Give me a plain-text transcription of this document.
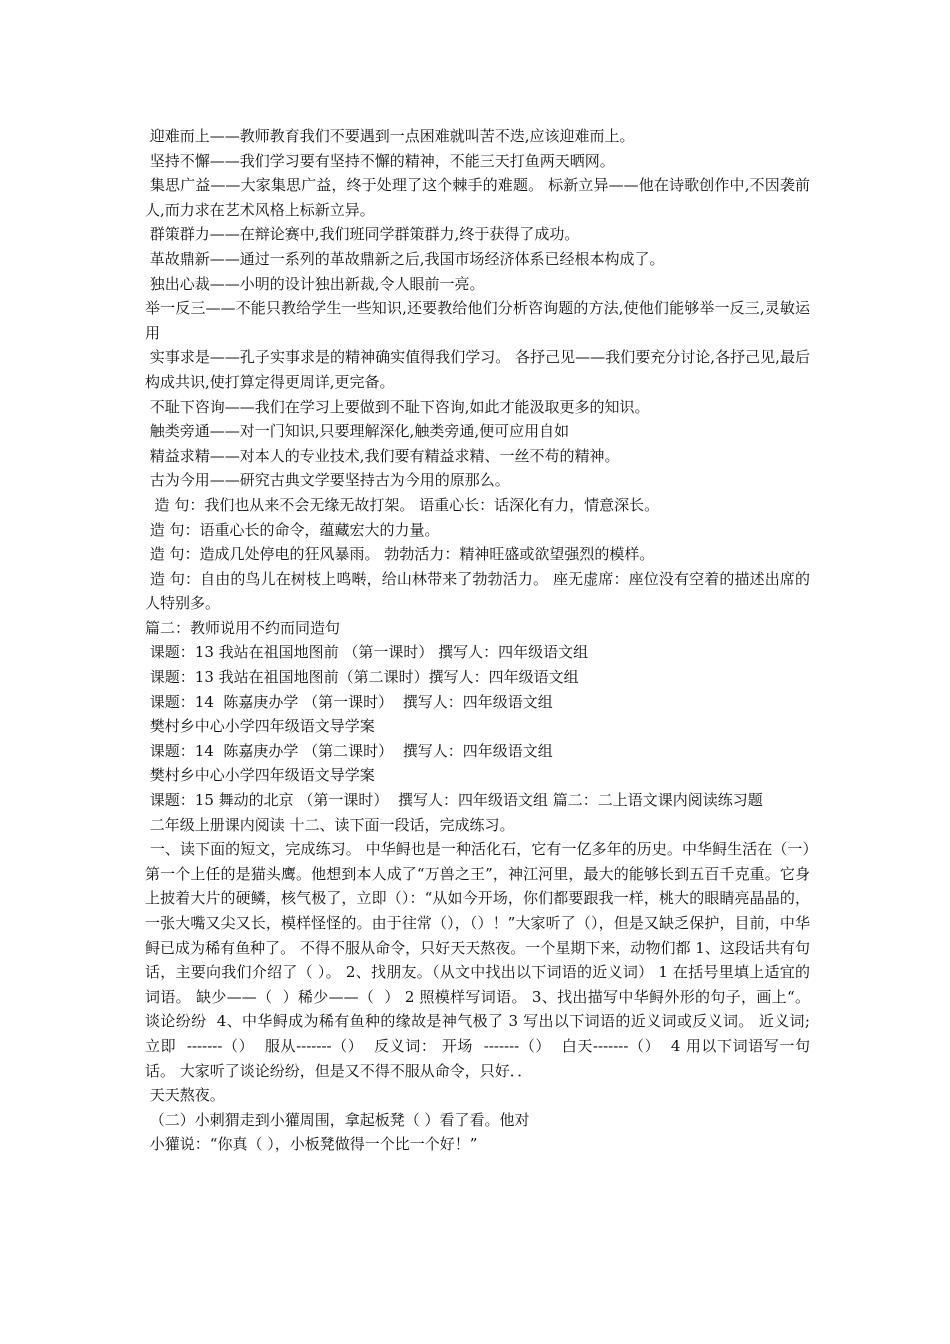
迎难而上——教师教育我们不要遇到一点困难就叫苦不迭,应该迎难而上。

坚持不懈——我们学习要有坚持不懈的精神，不能三天打鱼两天晒网。

集思广益——大家集思广益，终于处理了这个棘手的难题。 标新立异——他在诗歌创作中,不因袭前人,而力求在艺术风格上标新立异。

群策群力——在辩论赛中,我们班同学群策群力,终于获得了成功。

革故鼎新——通过一系列的革故鼎新之后,我国市场经济体系已经根本构成了。

独出心裁——小明的设计独出新裁,令人眼前一亮。

举一反三——不能只教给学生一些知识,还要教给他们分析咨询题的方法,使他们能够举一反三,灵敏运用

实事求是——孔子实事求是的精神确实值得我们学习。 各抒己见——我们要充分讨论,各抒己见,最后构成共识,使打算定得更周详,更完备。

不耻下咨询——我们在学习上要做到不耻下咨询,如此才能汲取更多的知识。

触类旁通——对一门知识,只要理解深化,触类旁通,便可应用自如

精益求精——对本人的专业技术,我们要有精益求精、一丝不苟的精神。

古为今用——研究古典文学要坚持古为今用的原那么。

造 句：我们也从来不会无缘无故打架。 语重心长：话深化有力，情意深长。

造 句：语重心长的命令，蕴藏宏大的力量。

造 句：造成几处停电的狂风暴雨。 勃勃活力：精神旺盛或欲望强烈的模样。

造 句：自由的鸟儿在树枝上鸣啭，给山林带来了勃勃活力。 座无虚席：座位没有空着的描述出席的人特别多。

篇二：教师说用不约而同造句

课题：13 我站在祖国地图前 （第一课时） 撰写人：四年级语文组

课题：13 我站在祖国地图前（第二课时）撰写人：四年级语文组

课题：14  陈嘉庚办学 （第一课时）  撰写人：四年级语文组

樊村乡中心小学四年级语文导学案

课题：14  陈嘉庚办学 （第二课时）  撰写人：四年级语文组

樊村乡中心小学四年级语文导学案

课题：15 舞动的北京 （第一课时）  撰写人：四年级语文组 篇二：二上语文课内阅读练习题

二年级上册课内阅读 十二、读下面一段话，完成练习。

一、读下面的短文，完成练习。 中华鲟也是一种活化石，它有一亿多年的历史。中华鲟生活在（一）第一个上任的是猫头鹰。他想到本人成了“万兽之王”，神江河里，最大的能够长到五百千克重。它身上披着大片的硬鳞，核气极了，立即（）：“从如今开场，你们都要跟我一样，桃大的眼睛亮晶晶的，一张大嘴又尖又长，模样怪怪的。由于往常（），（）！”大家听了（），但是又缺乏保护，目前，中华鲟已成为稀有鱼种了。 不得不服从命令，只好天天熬夜。一个星期下来，动物们都 1、这段话共有句话，主要向我们介绍了（ ）。 2、找朋友。（从文中找出以下词语的近义词） 1 在括号里填上适宜的词语。 缺少——（  ）稀少——（  ） 2 照模样写词语。 3、找出描写中华鲟外形的句子，画上“。 谈论纷纷  4、中华鲟成为稀有鱼种的缘故是神气极了 3 写出以下词语的近义词或反义词。 近义词; 立即  -------（）  服从-------（）  反义词： 开场  -------（）  白天-------（）  4 用以下词语写一句话。 大家听了谈论纷纷，但是又不得不服从命令，只好．．

天天熬夜。

（二）小刺猬走到小獾周围，拿起板凳（ ）看了看。他对

小獾说：“你真（ ），小板凳做得一个比一个好！”
